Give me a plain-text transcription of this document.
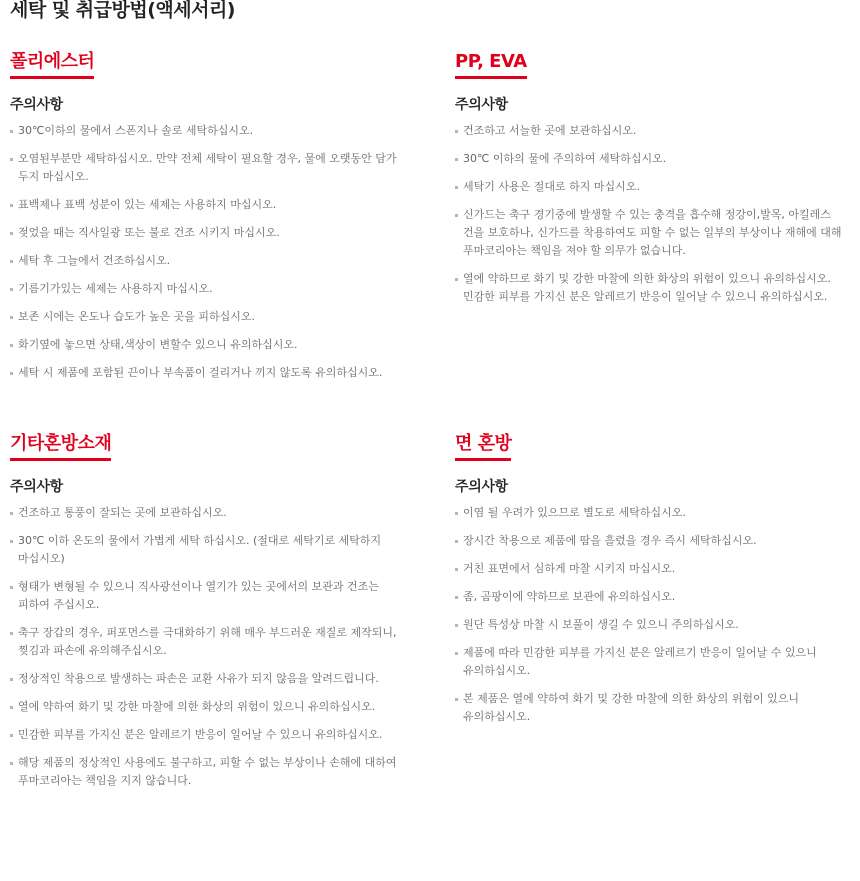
세탁 및 취급방법(액세서리)
폴리에스터
주의사항
30℃이하의 물에서 스폰지나 솔로 세탁하십시오.
오염된부분만 세탁하십시오. 만약 전체 세탁이 필요할 경우, 물에 오랫동안 담가 두지 마십시오.
표백제나 표백 성분이 있는 세제는 사용하지 마십시오.
젖었을 때는 직사일광 또는 불로 건조 시키지 마십시오.
세탁 후 그늘에서 건조하십시오.
기름기가있는 세제는 사용하지 마십시오.
보존 시에는 온도나 습도가 높은 곳을 피하십시오.
화기옆에 놓으면 상태,색상이 변할수 있으니 유의하십시오.
세탁 시 제품에 포함된 끈이나 부속품이 걸리거나 끼지 않도록 유의하십시오.
PP, EVA
주의사항
건조하고 서늘한 곳에 보관하십시오.
30℃ 이하의 물에 주의하여 세탁하십시오.
세탁기 사용은 절대로 하지 마십시오.
신가드는 축구 경기중에 발생할 수 있는 충격을 흡수해 정강이,발목, 아킬레스 건을 보호하나, 신가드를 착용하여도 피할 수 없는 일부의 부상이나 재해에 대해 푸마코리아는 책임을 져야 할 의무가 없습니다.
열에 약하므로 화기 및 강한 마찰에 의한 화상의 위험이 있으니 유의하십시오. 민감한 피부를 가지신 분은 알레르기 반응이 일어날 수 있으니 유의하십시오.
기타혼방소재
주의사항
건조하고 통풍이 잘되는 곳에 보관하십시오.
30℃ 이하 온도의 물에서 가볍게 세탁 하십시오. (절대로 세탁기로 세탁하지 마십시오)
형태가 변형될 수 있으니 직사광선이나 열기가 있는 곳에서의 보관과 건조는 피하여 주십시오.
축구 장갑의 경우, 퍼포먼스를 극대화하기 위해 매우 부드러운 재질로 제작되니, 찢김과 파손에 유의해주십시오.
정상적인 착용으로 발생하는 파손은 교환 사유가 되지 않음을 알려드립니다.
열에 약하여 화기 및 강한 마찰에 의한 화상의 위험이 있으니 유의하십시오.
민감한 피부를 가지신 분은 알레르기 반응이 일어날 수 있으니 유의하십시오.
해당 제품의 정상적인 사용에도 불구하고, 피할 수 없는 부상이나 손해에 대하여 푸마코리아는 책임을 지지 않습니다.
면 혼방
주의사항
이염 될 우려가 있으므로 별도로 세탁하십시오.
장시간 착용으로 제품에 땀을 흘렸을 경우 즉시 세탁하십시오.
거친 표면에서 심하게 마찰 시키지 마십시오.
좀, 곰팡이에 약하므로 보관에 유의하십시오.
원단 특성상 마찰 시 보풀이 생길 수 있으니 주의하십시오.
제품에 따라 민감한 피부를 가지신 분은 알레르기 반응이 일어날 수 있으니 유의하십시오.
본 제품은 열에 약하여 화기 및 강한 마찰에 의한 화상의 위험이 있으니 유의하십시오.
